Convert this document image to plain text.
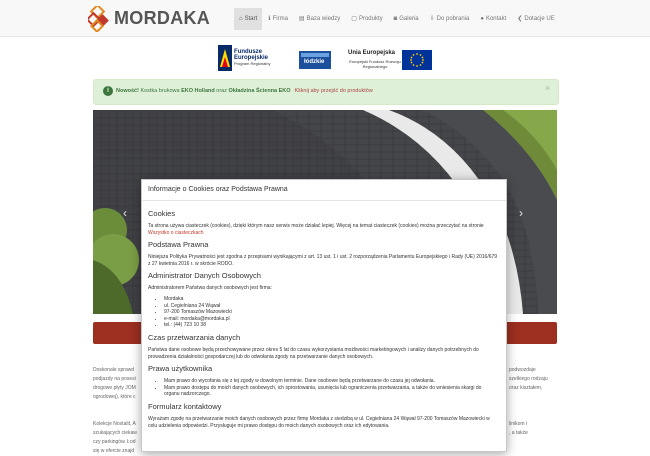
MORDAKA	⌂ Start ℹ Firma ▤ Baza wiedzy ▢ Produkty ◙ Galeria ⇩ Do pobrania ● Kontakt ❮ Dotacje UE
Fundusze Europejskie
Program Regionalny	łódzkie
Unia Europejska
Europejski Fundusz Rozwoju Regionalnego
i	Nowość! Kostka brukowa EKO Holland oraz Okładzina Ścienna EKO Kliknij aby przejść do produktów	×
‹	›
Doskonale sprawd
podjazdy na posesi
drogowe płyty JOM
ogrodowej), które c
Kolekcje Nostalit, A
szukających ciekaw
czy parkingów. Łod
się w ofercie znajd
podwozdaje
szelkiego rodzaju
oraz kiształem,
linikom i
, a także
Informacje o Cookies oraz Podstawa Prawna
Cookies
Ta strona używa ciasteczek (cookies), dzięki którym nasz serwis może działać lepiej. Więcej na temat ciasteczek (cookies) można przeczytać na stronie Wszystko o ciasteczkach
Podstawa Prawna
Niniejsza Polityka Prywatności jest zgodna z przepisami wynikającymi z art. 13 ust. 1 i ust. 2 rozporządzenia Parlamentu Europejskiego i Rady (UE) 2016/679 z 27 kwietnia 2016 r. w skrócie RODO.
Administrator Danych Osobowych
Administratorem Państwa danych osobowych jest firma:
• Mordaka
• ul. Cegielniana 24 Wąwał
• 97-200 Tomaszów Mazowiecki
• e-mail: mordaka@mordaka.pl
• tel.: (44) 723 10 38
Czas przetwarzania danych
Państwa dane osobowe będą przechowywane przez okres 5 lat do czasu wykorzystania możliwości marketingowych i analizy danych potrzebnych do prowadzenia działalności gospodarczej lub do odwołania zgody na przetwarzanie danych osobowych.
Prawa użytkownika
• Mam prawo do wycofania się z tej zgody w dowolnym terminie. Dane osobowe będą przetwarzane do czasu jej odwołania.
• Mam prawo dostępu do moich danych osobowych, ich sprostowania, usunięcia lub ograniczenia przetwarzania, a także do wniesienia skargi do organu nadzorczego.
Formularz kontaktowy
Wyrażam zgodę na przetwarzanie moich danych osobowych przez firmę Mordaka z siedzibą w ul. Cegielniana 24 Wąwał 97-200 Tomaszów Mazowiecki w celu udzielenia odpowiedzi. Przysługuje mi prawo dostępu do moich danych osobowych oraz ich edytowania.
